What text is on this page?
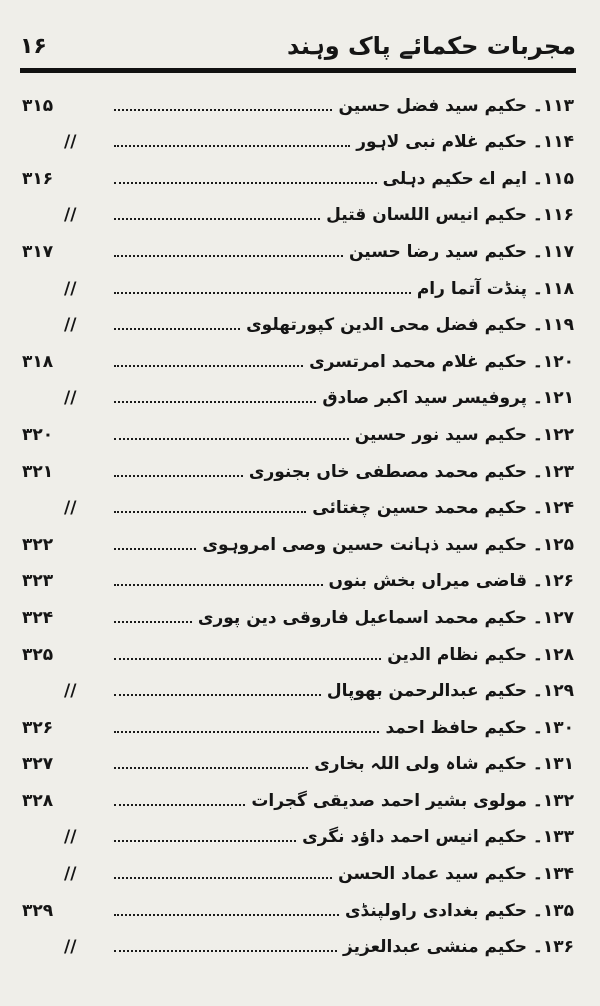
مجربات حکمائے پاک وہند
۱۶
۱۱۳۔ حکیم سید فضل حسین
۳۱۵
۱۱۴۔ حکیم غلام نبی لاہور
//
۱۱۵۔ ایم اے حکیم دہلی
۳۱۶
۱۱۶۔ حکیم انیس اللسان قتیل
//
۱۱۷۔ حکیم سید رضا حسین
۳۱۷
۱۱۸۔ پنڈت آتما رام
//
۱۱۹۔ حکیم فضل محی الدین کپورتھلوی
//
۱۲۰۔ حکیم غلام محمد امرتسری
۳۱۸
۱۲۱۔ پروفیسر سید اکبر صادق
//
۱۲۲۔ حکیم سید نور حسین
۳۲۰
۱۲۳۔ حکیم محمد مصطفی خاں بجنوری
۳۲۱
۱۲۴۔ حکیم محمد حسین چغتائی
//
۱۲۵۔ حکیم سید ذہانت حسین وصی امروہوی
۳۲۲
۱۲۶۔ قاضی میراں بخش بنوں
۳۲۳
۱۲۷۔ حکیم محمد اسماعیل فاروقی دین پوری
۳۲۴
۱۲۸۔ حکیم نظام الدین
۳۲۵
۱۲۹۔ حکیم عبدالرحمن بھوپال
//
۱۳۰۔ حکیم حافظ احمد
۳۲۶
۱۳۱۔ حکیم شاہ ولی اللہ بخاری
۳۲۷
۱۳۲۔ مولوی بشیر احمد صدیقی گجرات
۳۲۸
۱۳۳۔ حکیم انیس احمد داؤد نگری
//
۱۳۴۔ حکیم سید عماد الحسن
//
۱۳۵۔ حکیم بغدادی راولپنڈی
۳۲۹
۱۳۶۔ حکیم منشی عبدالعزیز
//
